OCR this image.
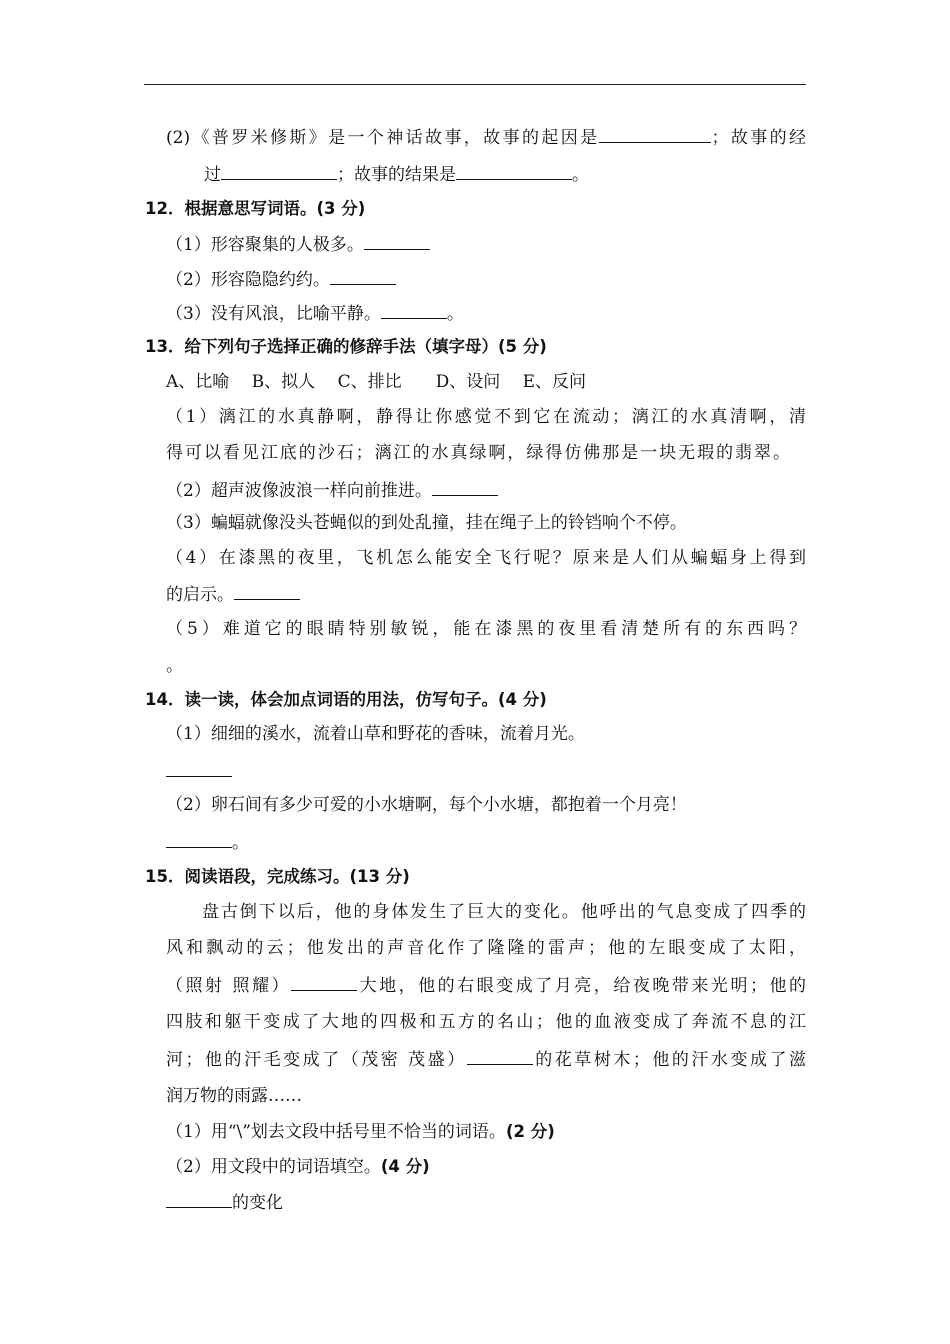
(2)《普罗米修斯》是一个神话故事，故事的起因是	；故事的经
过	；故事的结果是	。
12．根据意思写词语。(3 分)
（1）形容聚集的人极多。
（2）形容隐隐约约。
（3）没有风浪，比喻平静。	。
13．给下列句子选择正确的修辞手法（填字母）(5 分)
A、比喻　 B、拟人　 C、排比　　D、设问　 E、反问
（1）漓江的水真静啊，静得让你感觉不到它在流动；漓江的水真清啊，清
得可以看见江底的沙石；漓江的水真绿啊，绿得仿佛那是一块无瑕的翡翠。
（2）超声波像波浪一样向前推进。
（3）蝙蝠就像没头苍蝇似的到处乱撞，挂在绳子上的铃铛响个不停。
（4）在漆黑的夜里，飞机怎么能安全飞行呢？原来是人们从蝙蝠身上得到
的启示。
（5）难道它的眼睛特别敏锐，能在漆黑的夜里看清楚所有的东西吗？
。
14．读一读，体会加点词语的用法，仿写句子。(4 分)
（1）细细的溪水，流着山草和野花的香味，流着月光。
（2）卵石间有多少可爱的小水塘啊，每个小水塘，都抱着一个月亮！
。
15．阅读语段，完成练习。(13 分)
盘古倒下以后，他的身体发生了巨大的变化。他呼出的气息变成了四季的
风和飘动的云；他发出的声音化作了隆隆的雷声；他的左眼变成了太阳，
（照射 照耀）	大地，他的右眼变成了月亮，给夜晚带来光明；他的
四肢和躯干变成了大地的四极和五方的名山；他的血液变成了奔流不息的江
河；他的汗毛变成了（茂密 茂盛）	的花草树木；他的汗水变成了滋
润万物的雨露……
（1）用“\”划去文段中括号里不恰当的词语。(2 分)
（2）用文段中的词语填空。(4 分)
的变化
